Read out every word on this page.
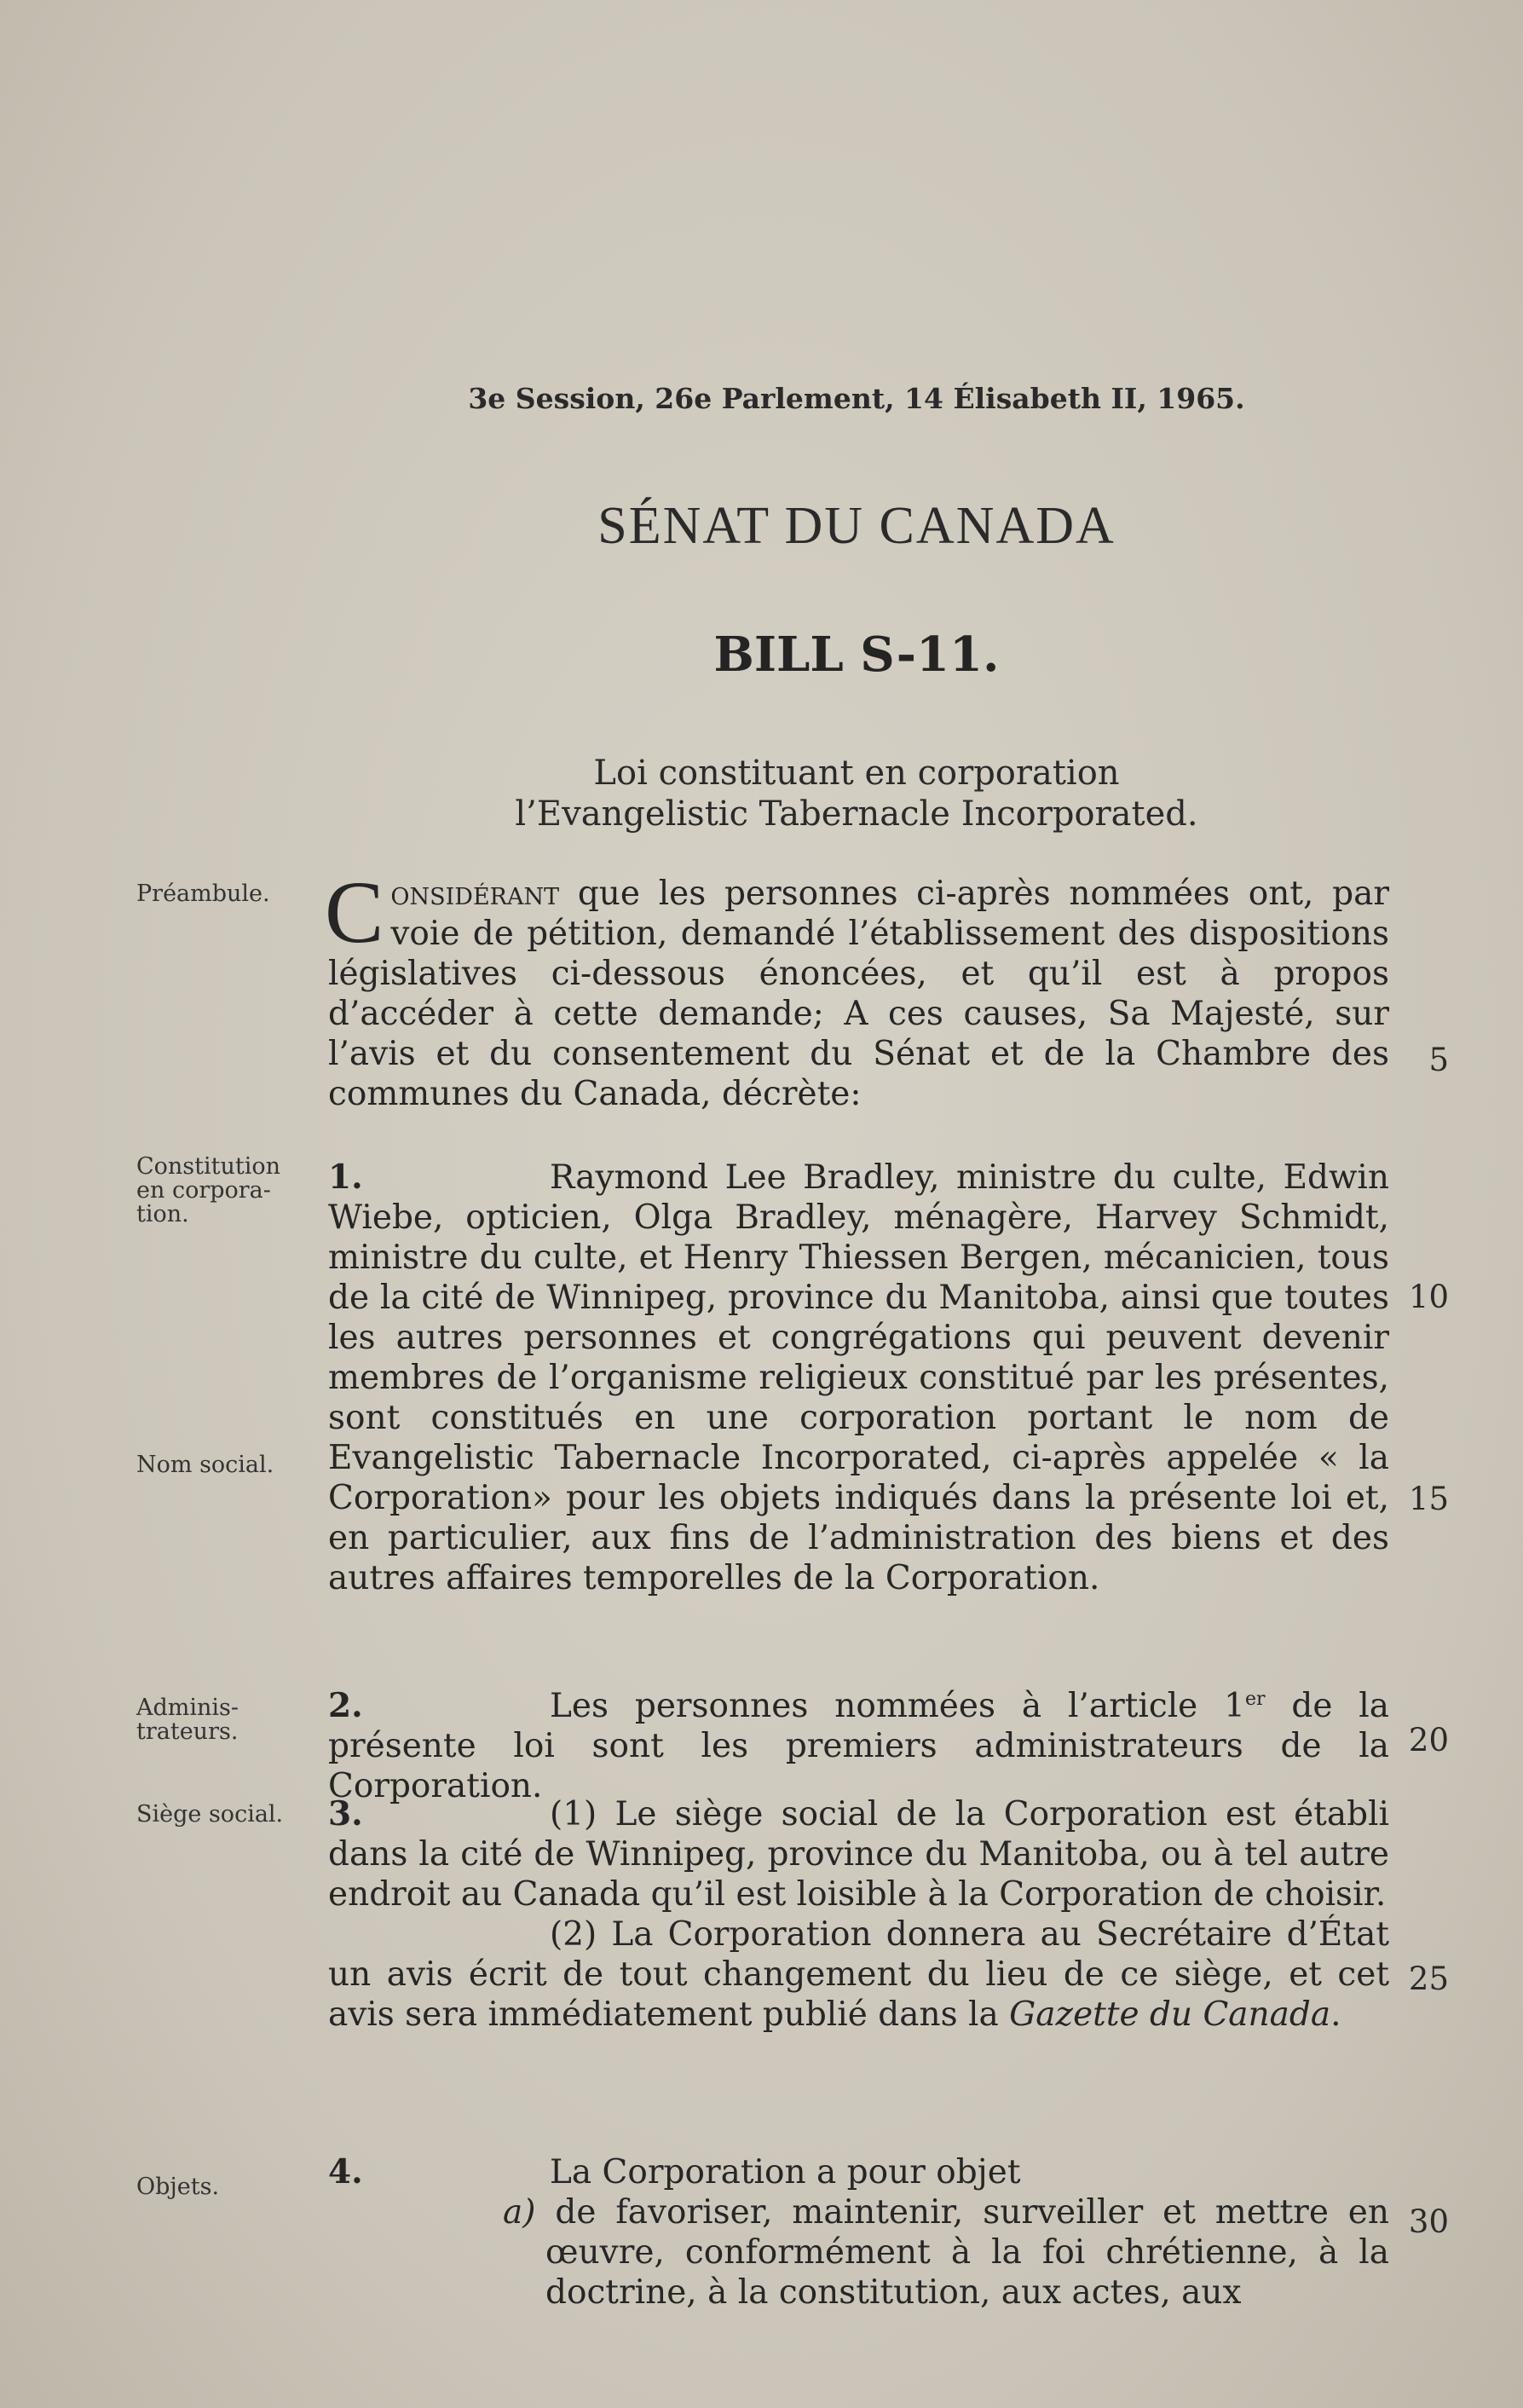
3e Session, 26e Parlement, 14 Élisabeth II, 1965.
SÉNAT DU CANADA
BILL S-11.
Loi constituant en corporation
l’Evangelistic Tabernacle Incorporated.
Préambule.
Constitution en corpora-tion.
Nom social.
Adminis-trateurs.
Siège social.
Objets.
5
10
15
20
25
30

Considérant que les personnes ci-après nommées ont, par voie de pétition, demandé l’établissement des dispositions législatives ci-dessous énoncées, et qu’il est à propos d’accéder à cette demande; A ces causes, Sa Majesté, sur l’avis et du consentement du Sénat et de la Chambre des communes du Canada, décrète:

1.	Raymond Lee Bradley, ministre du culte, Edwin Wiebe, opticien, Olga Bradley, ménagère, Harvey Schmidt, ministre du culte, et Henry Thiessen Bergen, mécanicien, tous de la cité de Winnipeg, province du Manitoba, ainsi que toutes les autres personnes et congrégations qui peuvent devenir membres de l’organisme religieux constitué par les présentes, sont constitués en une corporation portant le nom de Evangelistic Tabernacle Incorporated, ci-après appelée « la Corporation» pour les objets indiqués dans la présente loi et, en particulier, aux fins de l’administration des biens et des autres affaires temporelles de la Corporation.

2.	Les personnes nommées à l’article 1er de la présente loi sont les premiers administrateurs de la Corporation.

3.	(1) Le siège social de la Corporation est établi dans la cité de Winnipeg, province du Manitoba, ou à tel autre endroit au Canada qu’il est loisible à la Corporation de choisir.

(2) La Corporation donnera au Secrétaire d’État un avis écrit de tout changement du lieu de ce siège, et cet avis sera immédiatement publié dans la Gazette du Canada.

4.	La Corporation a pour objet

a) de favoriser, maintenir, surveiller et mettre en œuvre, conformément à la foi chrétienne, à la doctrine, à la constitution, aux actes, aux
